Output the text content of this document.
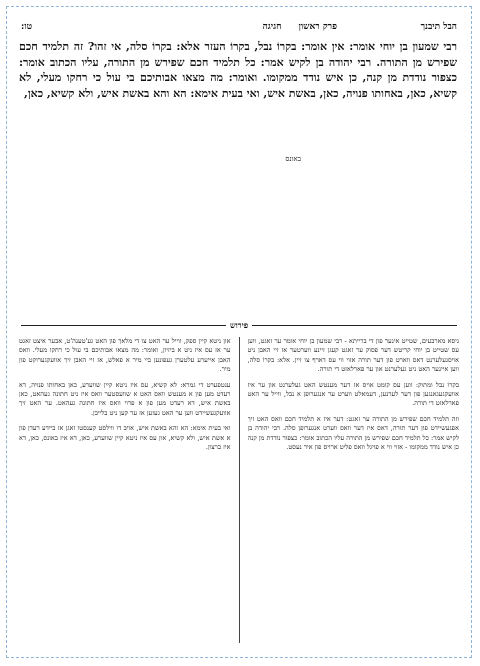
הבל תיבנך
פרק ראשון חגיגה
טו:

רבי שמעון בן יוחי אומר: אין אומר: בקרוֹ נבל, בקרוֹ העזר אלא: בקרוֹ סלה, אי זהו? זה תלמיד חכם שפירש מן התורה. רבי יהודה בן לקיש אמר: כל תלמיד חכם שפירש מן התורה, עליו הכתוב אומר: כצפור נודדת מן קנה, כן איש נודד ממקומו. ואומר: מה מצאו אבותיכם בי עול כי רחקו מעלי, לא קשיא, כאן, באחותו פנויה, כאן, באשת איש, ואי בעית אימא: הא והא באשת איש, ולא קשיא, כאן,

באונס
פירוש

ניסא מארבעים, שטייט אינער פון די ברייתא - רבי שמעון בן יוחי אומר ער זאגט, ווען עס שטייט בן יוחי קריטש דער פסוק ער זאגט קעגן זיינע ווערטער אז זיי האבן ניט אויסגעלערנט דאס ווארט פון דער תורה אזוי ווי עס דארף צו זיין. אלא: בקרוֹ סלה, ווען איינער האט ניט געלערנט און ער פארלאזט די תורה.

בקרוֹ נבל ומתוק: ווען עס קומט אויס אז דער מענטש האט געלערנט און ער איז אוועקגעגאנגען פון דער לערנען, דעמאלט ווערט ער אנגערופן א נבל, ווייל ער האט פארלאזט די תורה.

וזה תלמיד חכם שפירש מן התורה ער זאגט: דער איז א תלמיד חכם וואס האט זיך אפגעשיידט פון דער תורה, דאס איז דער וואס ווערט אנגערופן סלה. רבי יהודה בן לקיש אמר: כל תלמיד חכם שפירש מן התורה עליו הכתוב אומר: כצפור נודדת מן קנה כן איש נודד ממקומו - אזוי ווי א פויגל וואס פליט ארויס פון איר נעסט.

און ניטא קיין ספק, ווייל ער האט צו די מלאך פון האט גע'טענה'ט, אבער איצט זאגט ער אז עס איז ניט א ביזיון, ואומר: מה מצאו אבותיכם בי עול כי רחקו מעלי. וואס האבן אייערע עלטערן געפונען ביי מיר א פאלש, אז זיי האבן זיך אוועקגערוקט פון מיר.

ענטפערט די גמרא: לא קשיא, עס איז ניטא קיין שווערע, כאן באחותו פנויה, דא רעדט מען פון א מענטש וואס האט א שוועסטער וואס איז ניט חתונה געהאט, כאן באשת איש, דא רעדט מען פון א פרוי וואס איז חתונה געהאט. ער האט זיך אוועקגעשיידט ווען ער האט געזען אז ער קען ניט בלייבן.

ואי בעית אימא: הא והא באשת איש, אויב דו ווילסט קענסטו זאגן אז ביידע רעדן פון א אשת איש, ולא קשיא, און עס איז ניטא קיין שווערע, כאן, דא איז באונס, כאן, דא איז ברצון.
